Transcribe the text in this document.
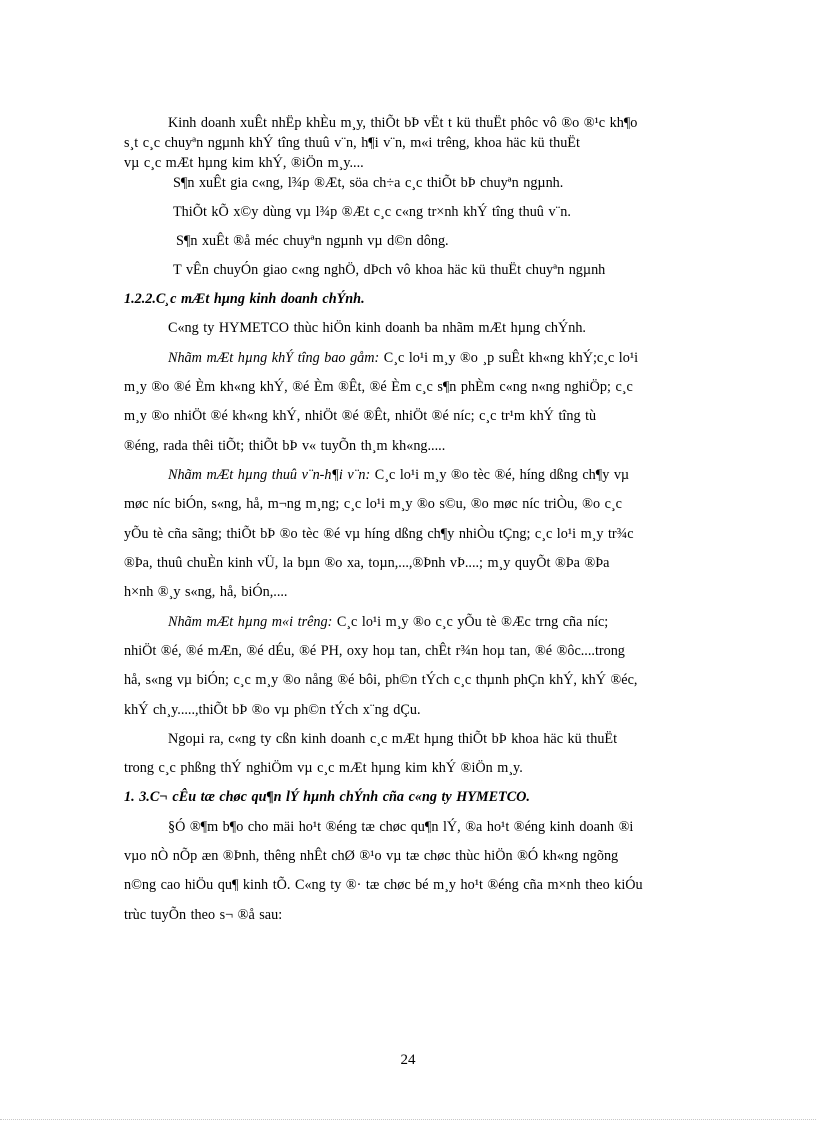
Kinh doanh xuÊt nhËp khÈu m¸y, thiÕt bÞ vËt t kü thuËt phôc vô ®o ®¹c kh¶o
s¸t c¸c chuyªn ngµnh khÝ tîng thuû v¨n, h¶i v¨n, m«i trêng, khoa häc kü thuËt
vµ c¸c mÆt hµng kim khÝ, ®iÖn m¸y....
S¶n xuÊt gia c«ng, l¾p ®Æt, söa ch÷a c¸c thiÕt bÞ chuyªn ngµnh.
ThiÕt kÕ x©y dùng vµ l¾p ®Æt c¸c c«ng tr×nh khÝ tîng thuû v¨n.
S¶n xuÊt ®å méc chuyªn ngµnh vµ d©n dông.
T vÊn chuyÓn giao c«ng nghÖ, dÞch vô khoa häc kü thuËt chuyªn ngµnh
1.2.2.C¸c mÆt hµng kinh doanh chÝnh.
C«ng ty HYMETCO thùc hiÖn kinh doanh ba nhãm mÆt hµng chÝnh.
Nhãm mÆt hµng khÝ tîng bao gåm: C¸c lo¹i m¸y ®o ¸p suÊt kh«ng khÝ;c¸c lo¹i
m¸y ®o ®é Èm kh«ng khÝ, ®é Èm ®Êt, ®é Èm c¸c s¶n phÈm c«ng n«ng nghiÖp; c¸c
m¸y ®o nhiÖt ®é kh«ng khÝ, nhiÖt ®é ®Êt, nhiÖt ®é níc; c¸c tr¹m khÝ tîng tù
®éng, rada thêi tiÕt; thiÕt bÞ v« tuyÕn th¸m kh«ng.....
Nhãm mÆt hµng thuû v¨n-h¶i v¨n: C¸c lo¹i m¸y ®o tèc ®é, híng dßng ch¶y vµ
møc níc biÓn, s«ng, hå, m¬ng m¸ng; c¸c lo¹i m¸y ®o s©u, ®o møc níc triÒu, ®o c¸c
yÕu tè cña sãng; thiÕt bÞ ®o tèc ®é vµ híng dßng ch¶y nhiÒu tÇng; c¸c lo¹i m¸y tr¾c
®Þa, thuû chuÈn kinh vÜ, la bµn ®o xa, toµn,...,®Þnh vÞ....; m¸y quyÕt ®Þa ®Þa
h×nh ®¸y s«ng, hå, biÓn,....
Nhãm mÆt hµng m«i trêng: C¸c lo¹i m¸y ®o c¸c yÕu tè ®Æc trng cña níc;
nhiÖt ®é, ®é mÆn, ®é dÉu, ®é PH, oxy hoµ tan, chÊt r¾n hoµ tan, ®é ®ôc....trong
hå, s«ng vµ biÓn; c¸c m¸y ®o nång ®é bôi, ph©n tÝch c¸c thµnh phÇn khÝ, khÝ ®éc,
khÝ ch¸y.....,thiÕt bÞ ®o vµ ph©n tÝch x¨ng dÇu.
Ngoµi ra, c«ng ty cßn kinh doanh c¸c mÆt hµng thiÕt bÞ khoa häc kü thuËt
trong c¸c phßng thÝ nghiÖm vµ c¸c mÆt hµng kim khÝ ®iÖn m¸y.
1. 3.C¬ cÊu tæ chøc qu¶n lÝ hµnh chÝnh cña c«ng ty HYMETCO.
§Ó ®¶m b¶o cho mäi ho¹t ®éng tæ chøc qu¶n lÝ, ®a ho¹t ®éng kinh doanh ®i
vµo nÒ nÕp æn ®Þnh, thêng nhÊt chØ ®¹o vµ tæ chøc thùc hiÖn ®Ó kh«ng ngõng
n©ng cao hiÖu qu¶ kinh tÕ. C«ng ty ®· tæ chøc bé m¸y ho¹t ®éng cña m×nh theo kiÓu
trùc tuyÕn theo s¬ ®å sau:
24
